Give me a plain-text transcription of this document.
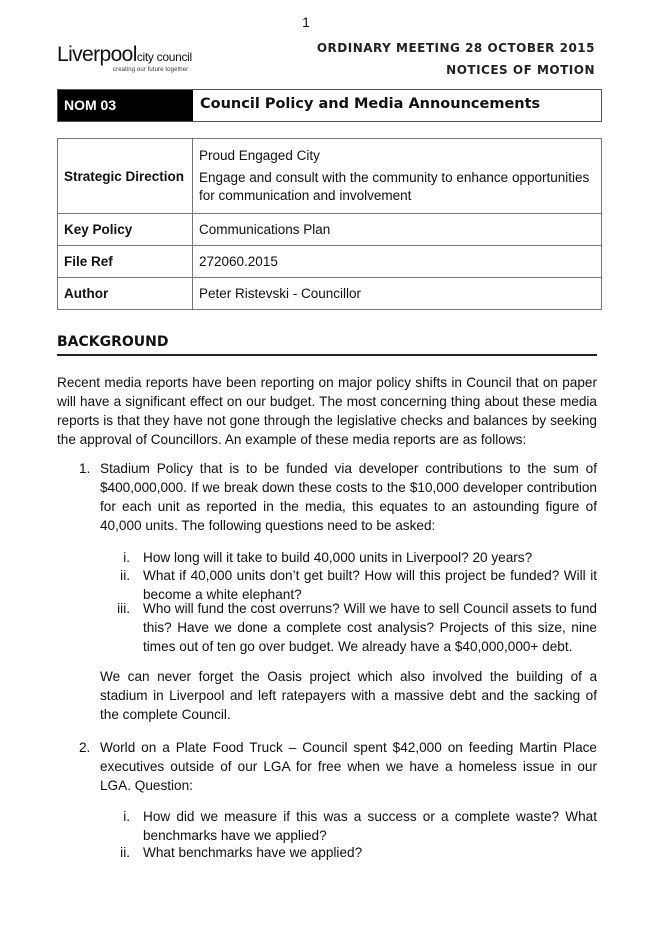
1
Liverpoolcity council
creating our future together
ORDINARY MEETING 28 OCTOBER 2015
NOTICES OF MOTION
NOM 03	Council Policy and Media Announcements
Strategic Direction	Proud Engaged City
Engage and consult with the community to enhance opportunities for communication and involvement

Key Policy	Communications Plan
File Ref	272060.2015
Author	Peter Ristevski - Councillor
BACKGROUND
Recent media reports have been reporting on major policy shifts in Council that on paper will have a significant effect on our budget. The most concerning thing about these media reports is that they have not gone through the legislative checks and balances by seeking the approval of Councillors. An example of these media reports are as follows:
1. Stadium Policy that is to be funded via developer contributions to the sum of $400,000,000. If we break down these costs to the $10,000 developer contribution for each unit as reported in the media, this equates to an astounding figure of 40,000 units. The following questions need to be asked:
i. How long will it take to build 40,000 units in Liverpool? 20 years?
ii. What if 40,000 units don’t get built? How will this project be funded? Will it become a white elephant?
iii. Who will fund the cost overruns? Will we have to sell Council assets to fund this? Have we done a complete cost analysis? Projects of this size, nine times out of ten go over budget. We already have a $40,000,000+ debt.
We can never forget the Oasis project which also involved the building of a stadium in Liverpool and left ratepayers with a massive debt and the sacking of the complete Council.
2. World on a Plate Food Truck – Council spent $42,000 on feeding Martin Place executives outside of our LGA for free when we have a homeless issue in our LGA. Question:
i. How did we measure if this was a success or a complete waste? What benchmarks have we applied?
ii. What benchmarks have we applied?
